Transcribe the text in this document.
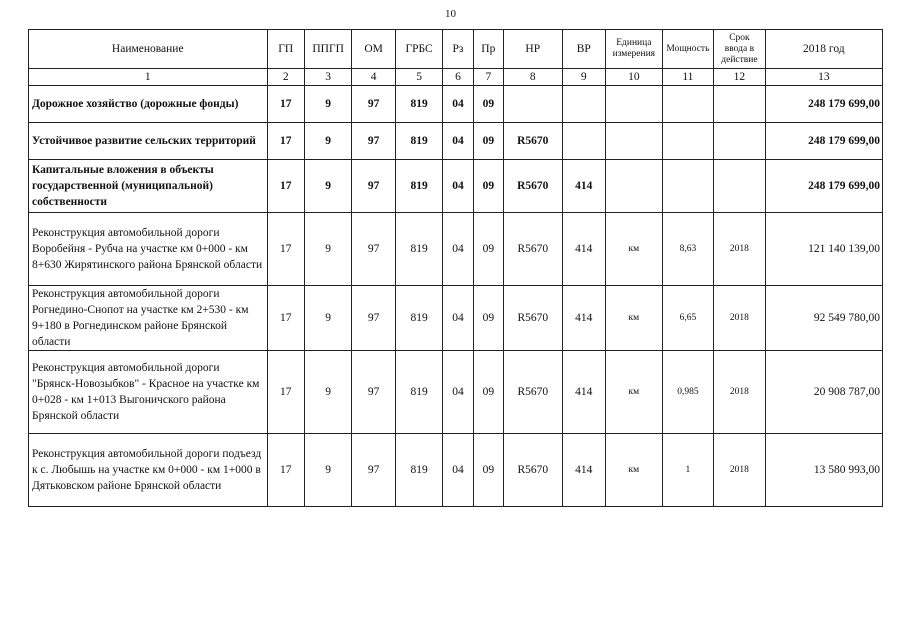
10
Наименование	ГП	ППГП	ОМ	ГРБС	Рз	Пр	НР	ВР	Единица измерения	Мощность	Срок ввода в действие	2018 год
1	2	3	4	5	6	7	8	9	10	11	12	13
Дорожное хозяйство (дорожные фонды)	17	9	97	819	04	09						248 179 699,00
Устойчивое развитие сельских территорий	17	9	97	819	04	09	R5670					248 179 699,00
Капитальные вложения в объекты государственной (муниципальной) собственности	17	9	97	819	04	09	R5670	414				248 179 699,00
Реконструкция автомобильной дороги Воробейня - Рубча на участке км 0+000 - км 8+630 Жирятинского района Брянской области	17	9	97	819	04	09	R5670	414	км	8,63	2018	121 140 139,00
Реконструкция автомобильной дороги Рогнедино-Снопот на участке км 2+530 - км 9+180 в Рогнединском районе Брянской области	17	9	97	819	04	09	R5670	414	км	6,65	2018	92 549 780,00
Реконструкция автомобильной дороги "Брянск-Новозыбков" - Красное на участке км 0+028 - км 1+013 Выгоничского района Брянской области	17	9	97	819	04	09	R5670	414	км	0,985	2018	20 908 787,00
Реконструкция автомобильной дороги подъезд к с. Любышь на участке км 0+000 - км 1+000 в Дятьковском районе Брянской области	17	9	97	819	04	09	R5670	414	км	1	2018	13 580 993,00
